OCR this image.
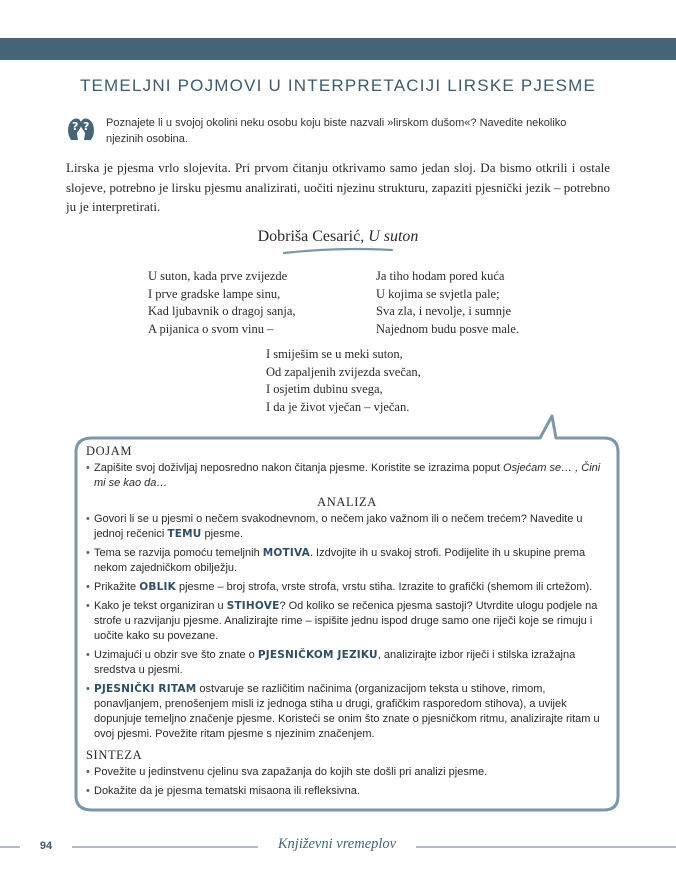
TEMELJNI POJMOVI U INTERPRETACIJI LIRSKE PJESME
? ? Poznajete li u svojoj okolini neku osobu koju biste nazvali »lirskom dušom«? Navedite nekoliko njezinih osobina.
Lirska je pjesma vrlo slojevita. Pri prvom čitanju otkrivamo samo jedan sloj. Da bismo otkrili i ostale slojeve, potrebno je lirsku pjesmu analizirati, uočiti njezinu strukturu, zapaziti pjesnički jezik – potrebno ju je interpretirati.
Dobriša Cesarić, U suton
U suton, kada prve zvijezde
I prve gradske lampe sinu,
Kad ljubavnik o dragoj sanja,
A pijanica o svom vinu –
Ja tiho hodam pored kuća
U kojima se svjetla pale;
Sva zla, i nevolje, i sumnje
Najednom budu posve male.
I smiješim se u meki suton,
Od zapaljenih zvijezda svečan,
I osjetim dubinu svega,
I da je život vječan – vječan.
DOJAM
• Zapišite svoj doživljaj neposredno nakon čitanja pjesme. Koristite se izrazima poput Osjećam se… , Čini mi se kao da…
ANALIZA
• Govori li se u pjesmi o nečem svakodnevnom, o nečem jako važnom ili o nečem trećem? Navedite u jednoj rečenici TEMU pjesme.
• Tema se razvija pomoću temeljnih MOTIVA. Izdvojite ih u svakoj strofi. Podijelite ih u skupine prema nekom zajedničkom obilježju.
• Prikažite OBLIK pjesme – broj strofa, vrste strofa, vrstu stiha. Izrazite to grafički (shemom ili crtežom).
• Kako je tekst organiziran u STIHOVE? Od koliko se rečenica pjesma sastoji? Utvrdite ulogu podjele na strofe u razvijanju pjesme. Analizirajte rime – ispišite jednu ispod druge samo one riječi koje se rimuju i uočite kako su povezane.
• Uzimajući u obzir sve što znate o PJESNIČKOM JEZIKU, analizirajte izbor riječi i stilska izražajna sredstva u pjesmi.
• PJESNIČKI RITAM ostvaruje se različitim načinima (organizacijom teksta u stihove, rimom, ponavljanjem, prenošenjem misli iz jednoga stiha u drugi, grafičkim rasporedom stihova), a uvijek dopunjuje temeljno značenje pjesme. Koristeći se onim što znate o pjesničkom ritmu, analizirajte ritam u ovoj pjesmi. Povežite ritam pjesme s njezinim značenjem.
SINTEZA
• Povežite u jedinstvenu cjelinu sva zapažanja do kojih ste došli pri analizi pjesme.
• Dokažite da je pjesma tematski misaona ili refleksivna.
94	Književni vremeplov
